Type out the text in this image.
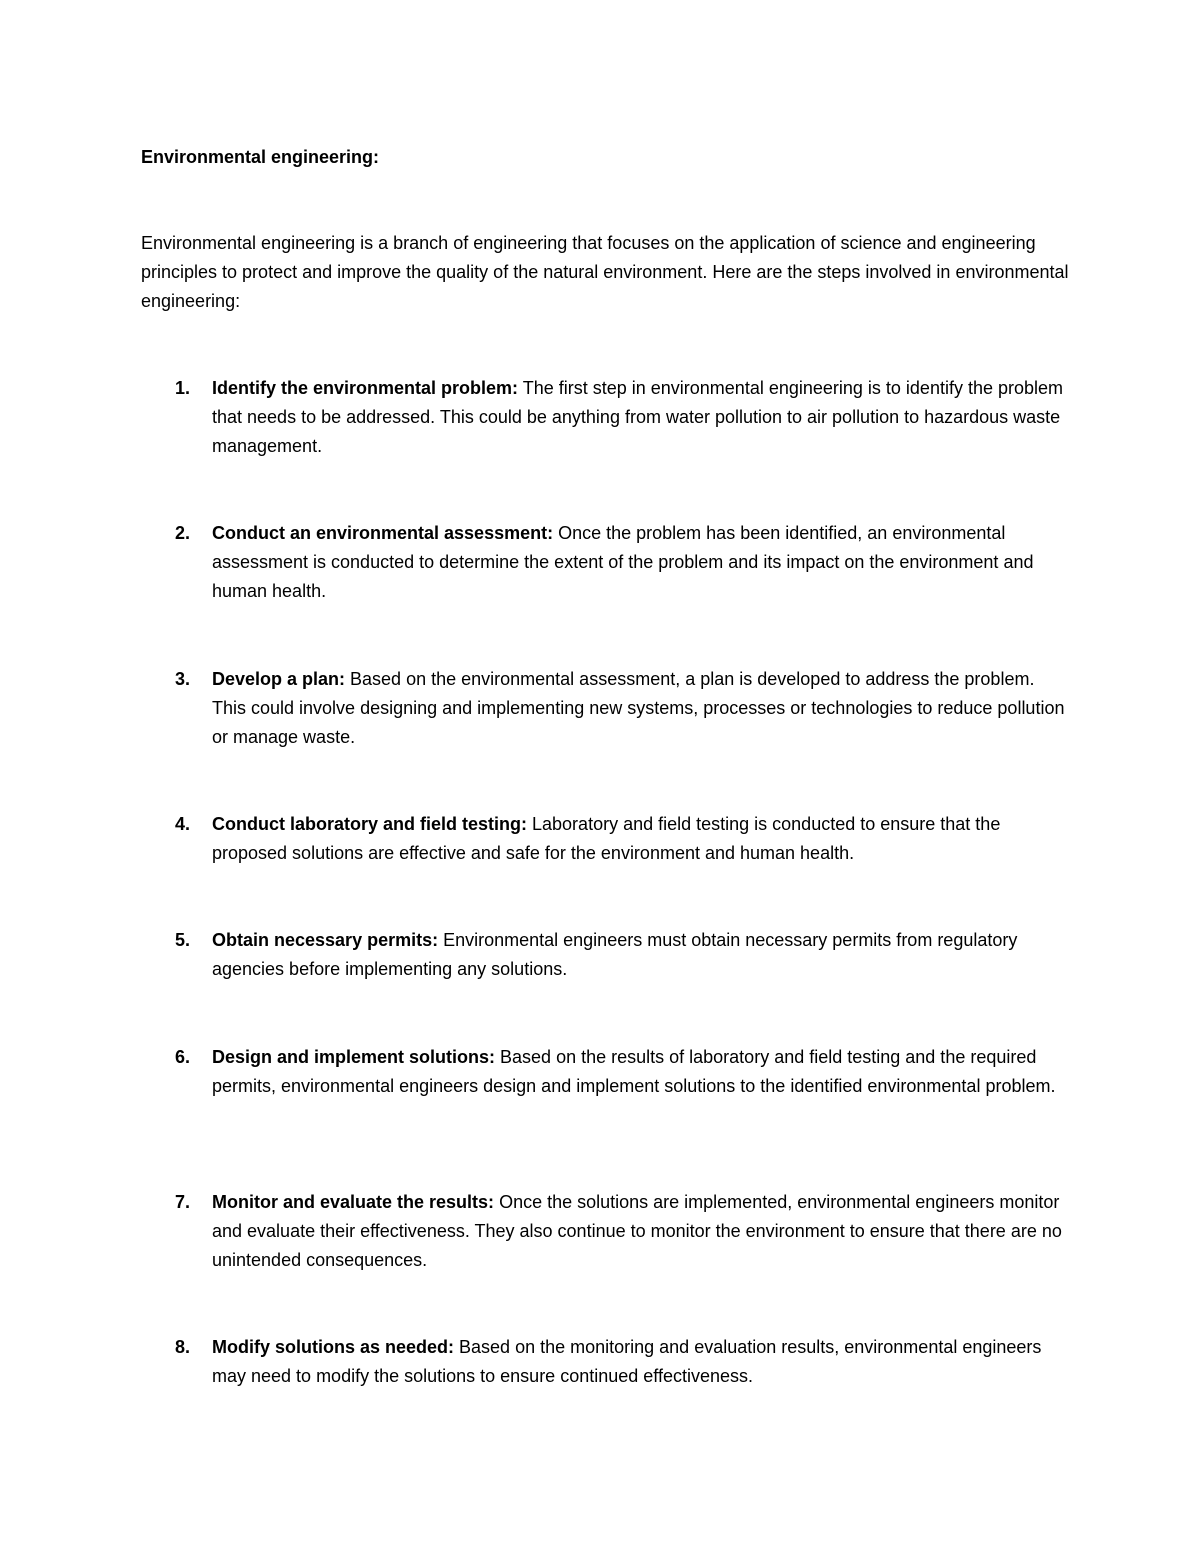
Environmental engineering:

Environmental engineering is a branch of engineering that focuses on the application of science and engineering principles to protect and improve the quality of the natural environment. Here are the steps involved in environmental engineering:

1. Identify the environmental problem: The first step in environmental engineering is to identify the problem that needs to be addressed. This could be anything from water pollution to air pollution to hazardous waste management.
2. Conduct an environmental assessment: Once the problem has been identified, an environmental assessment is conducted to determine the extent of the problem and its impact on the environment and human health.
3. Develop a plan: Based on the environmental assessment, a plan is developed to address the problem. This could involve designing and implementing new systems, processes or technologies to reduce pollution or manage waste.
4. Conduct laboratory and field testing: Laboratory and field testing is conducted to ensure that the proposed solutions are effective and safe for the environment and human health.
5. Obtain necessary permits: Environmental engineers must obtain necessary permits from regulatory agencies before implementing any solutions.
6. Design and implement solutions: Based on the results of laboratory and field testing and the required permits, environmental engineers design and implement solutions to the identified environmental problem.
7. Monitor and evaluate the results: Once the solutions are implemented, environmental engineers monitor and evaluate their effectiveness. They also continue to monitor the environment to ensure that there are no unintended consequences.
8. Modify solutions as needed: Based on the monitoring and evaluation results, environmental engineers may need to modify the solutions to ensure continued effectiveness.
